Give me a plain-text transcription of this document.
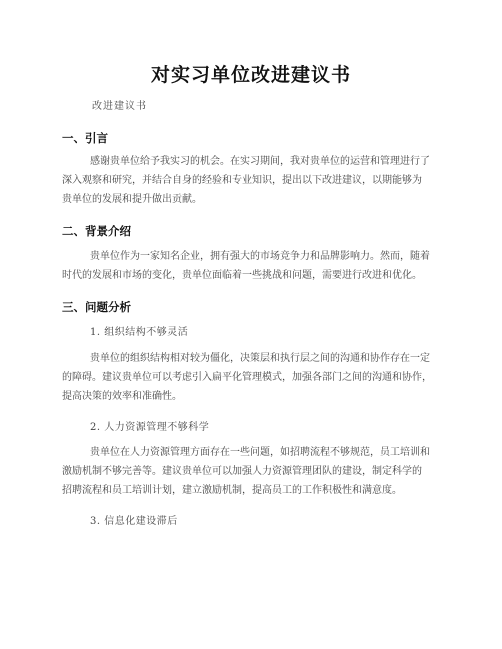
对实习单位改进建议书

改进建议书

一、引言
感谢贵单位给予我实习的机会。在实习期间，我对贵单位的运营和管理进行了
深入观察和研究，并结合自身的经验和专业知识，提出以下改进建议，以期能够为
贵单位的发展和提升做出贡献。
二、背景介绍
贵单位作为一家知名企业，拥有强大的市场竞争力和品牌影响力。然而，随着
时代的发展和市场的变化，贵单位面临着一些挑战和问题，需要进行改进和优化。
三、问题分析

1. 组织结构不够灵活

贵单位的组织结构相对较为僵化，决策层和执行层之间的沟通和协作存在一定
的障碍。建议贵单位可以考虑引入扁平化管理模式，加强各部门之间的沟通和协作，
提高决策的效率和准确性。

2. 人力资源管理不够科学

贵单位在人力资源管理方面存在一些问题，如招聘流程不够规范，员工培训和
激励机制不够完善等。建议贵单位可以加强人力资源管理团队的建设，制定科学的
招聘流程和员工培训计划，建立激励机制，提高员工的工作积极性和满意度。

3. 信息化建设滞后
